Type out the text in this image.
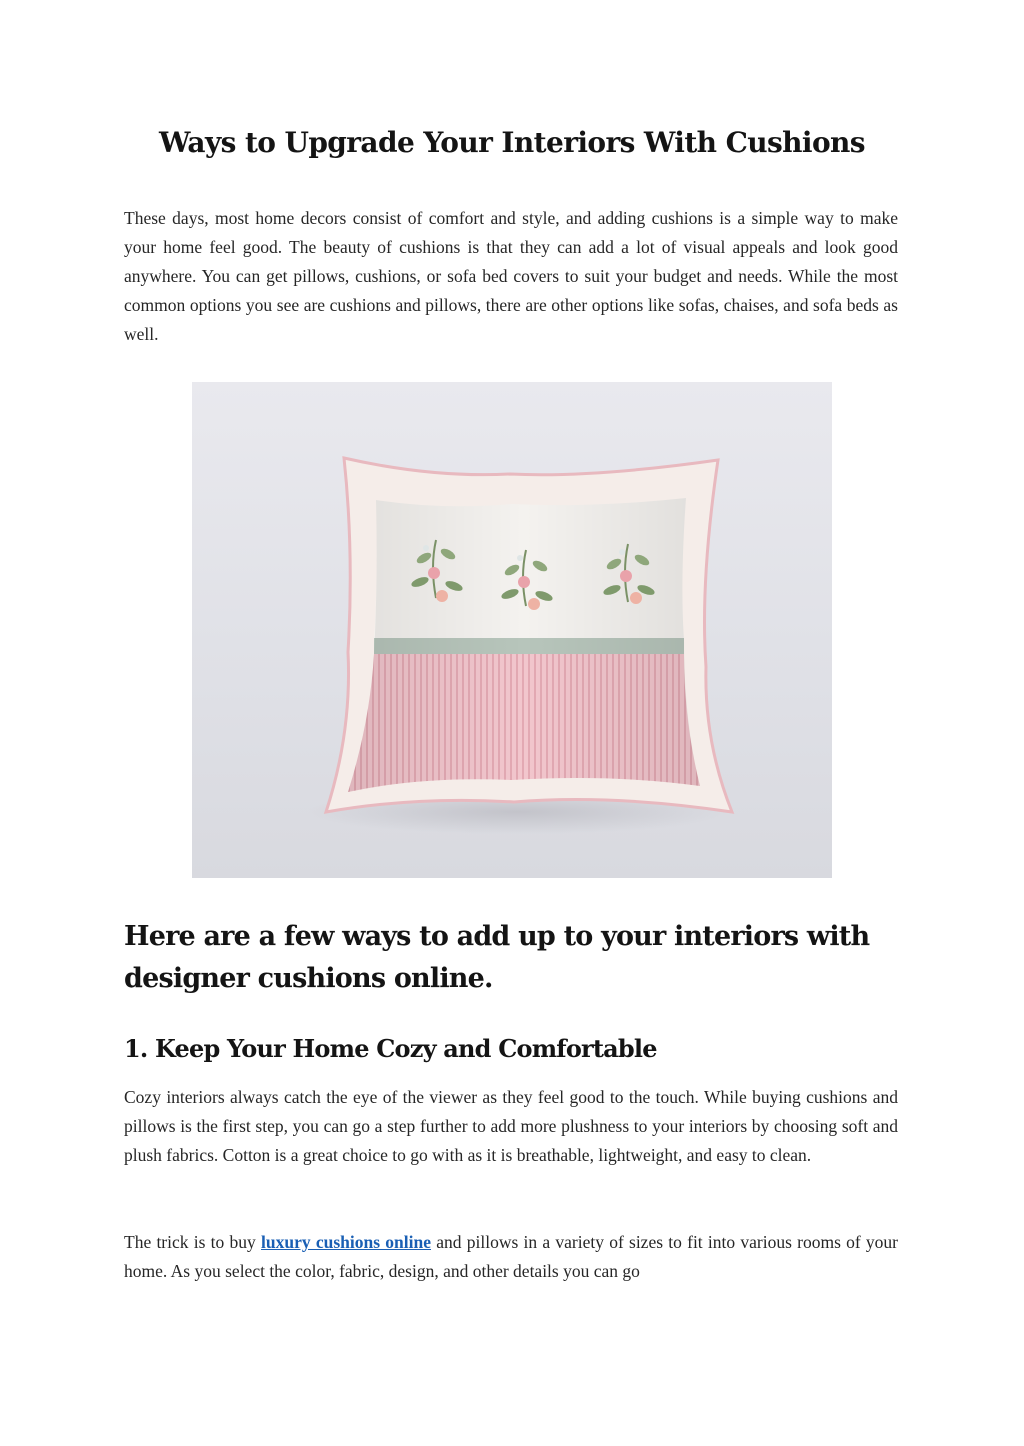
Ways to Upgrade Your Interiors With Cushions

These days, most home decors consist of comfort and style, and adding cushions is a simple way to make your home feel good. The beauty of cushions is that they can add a lot of visual appeals and look good anywhere. You can get pillows, cushions, or sofa bed covers to suit your budget and needs. While the most common options you see are cushions and pillows, there are other options like sofas, chaises, and sofa beds as well.

Here are a few ways to add up to your interiors with designer cushions online.
1. Keep Your Home Cozy and Comfortable

Cozy interiors always catch the eye of the viewer as they feel good to the touch. While buying cushions and pillows is the first step, you can go a step further to add more plushness to your interiors by choosing soft and plush fabrics. Cotton is a great choice to go with as it is breathable, lightweight, and easy to clean.

The trick is to buy luxury cushions online and pillows in a variety of sizes to fit into various rooms of your home. As you select the color, fabric, design, and other details you can go
